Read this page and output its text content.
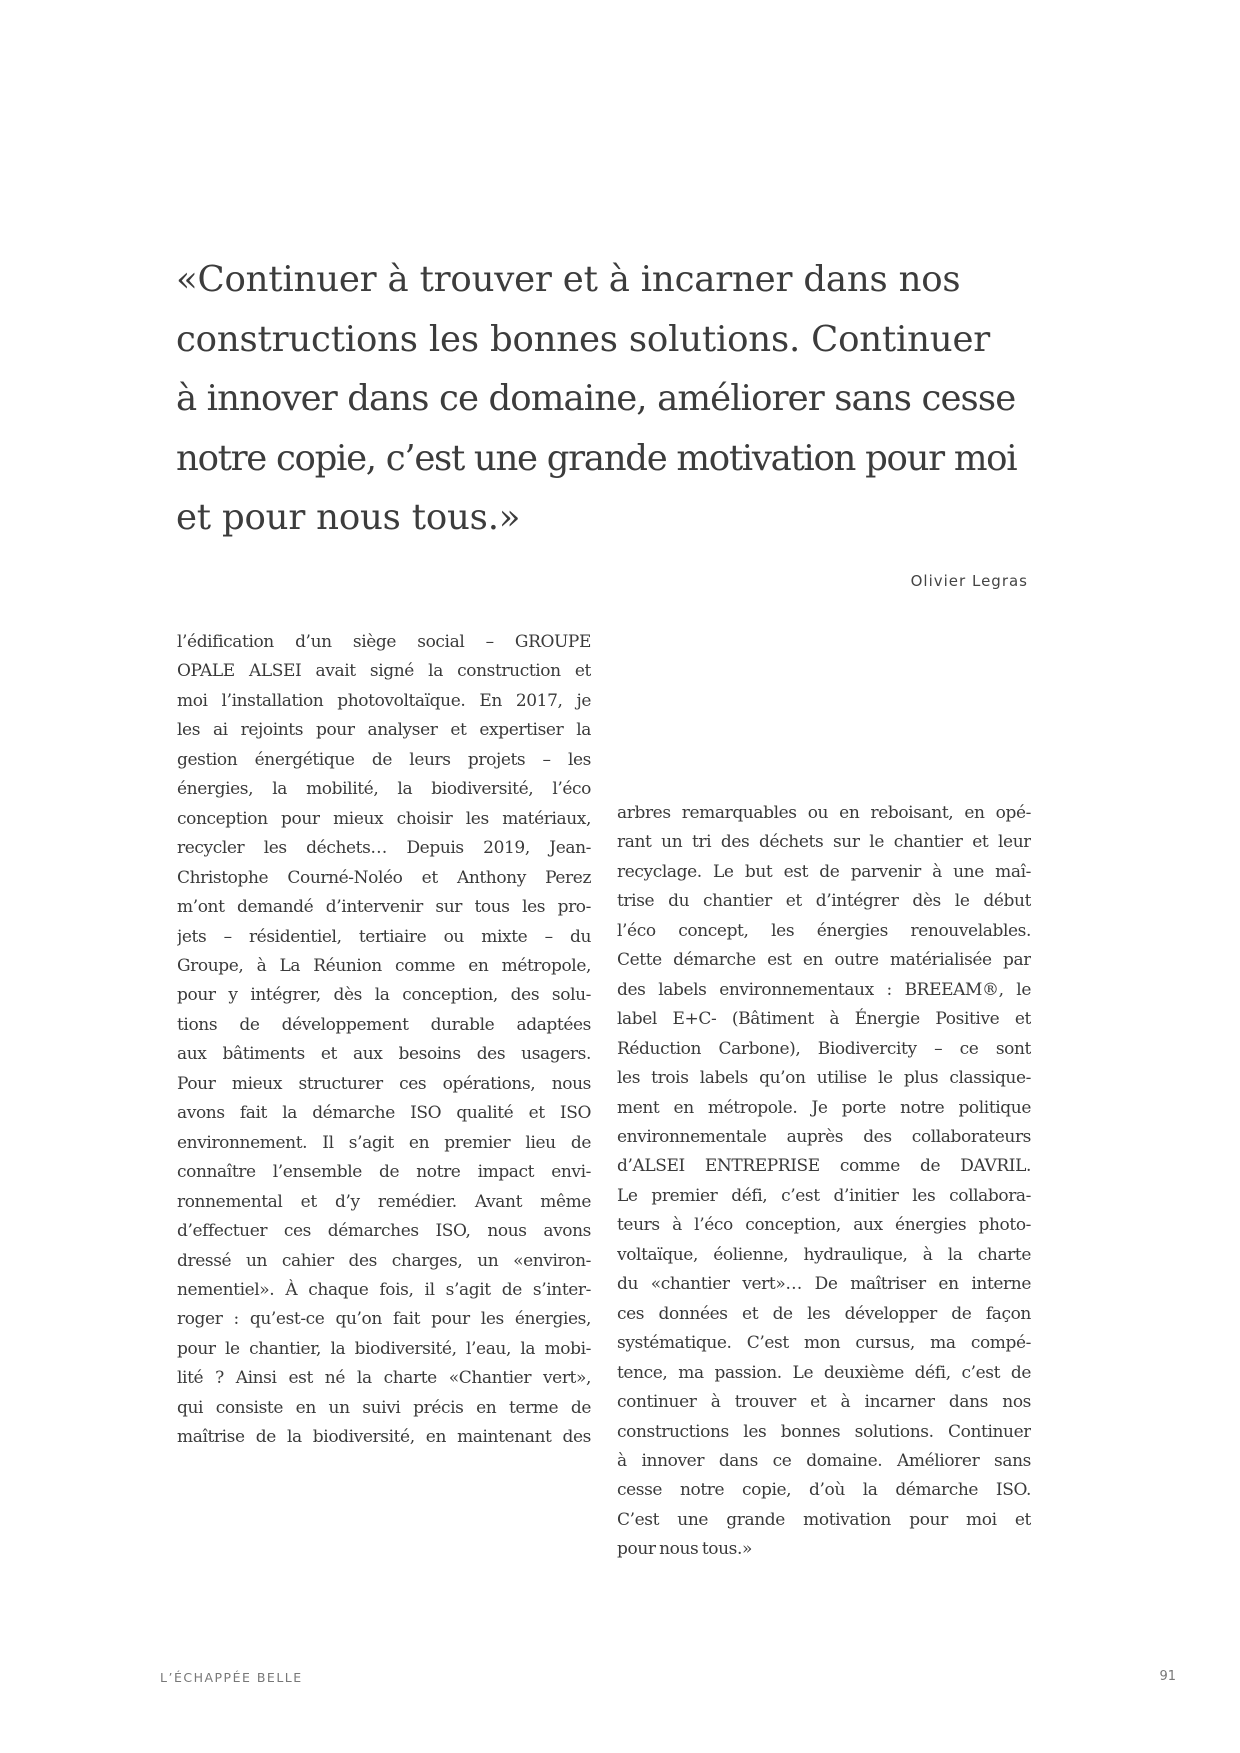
«Continuer à trouver et à incarner dans nos
constructions les bonnes solutions. Continuer
à innover dans ce domaine, améliorer sans cesse
notre copie, c’est une grande motivation pour moi
et pour nous tous.»
Olivier Legras
l’édification d’un siège social – GROUPE
OPALE ALSEI avait signé la construction et
moi l’installation photovoltaïque. En 2017, je
les ai rejoints pour analyser et expertiser la
gestion énergétique de leurs projets – les
énergies, la mobilité, la biodiversité, l’éco
conception pour mieux choisir les matériaux,
recycler les déchets… Depuis 2019, Jean-
Christophe Courné-Noléo et Anthony Perez
m’ont demandé d’intervenir sur tous les pro-
jets – résidentiel, tertiaire ou mixte – du
Groupe, à La Réunion comme en métropole,
pour y intégrer, dès la conception, des solu-
tions de développement durable adaptées
aux bâtiments et aux besoins des usagers.
Pour mieux structurer ces opérations, nous
avons fait la démarche ISO qualité et ISO
environnement. Il s’agit en premier lieu de
connaître l’ensemble de notre impact envi-
ronnemental et d’y remédier. Avant même
d’effectuer ces démarches ISO, nous avons
dressé un cahier des charges, un «environ-
nementiel». À chaque fois, il s’agit de s’inter-
roger : qu’est-ce qu’on fait pour les énergies,
pour le chantier, la biodiversité, l’eau, la mobi-
lité ? Ainsi est né la charte «Chantier vert»,
qui consiste en un suivi précis en terme de
maîtrise de la biodiversité, en maintenant des
arbres remarquables ou en reboisant, en opé-
rant un tri des déchets sur le chantier et leur
recyclage. Le but est de parvenir à une maî-
trise du chantier et d’intégrer dès le début
l’éco concept, les énergies renouvelables.
Cette démarche est en outre matérialisée par
des labels environnementaux : BREEAM®, le
label E+C- (Bâtiment à Énergie Positive et
Réduction Carbone), Biodivercity – ce sont
les trois labels qu’on utilise le plus classique-
ment en métropole. Je porte notre politique
environnementale auprès des collaborateurs
d’ALSEI ENTREPRISE comme de DAVRIL.
Le premier défi, c’est d’initier les collabora-
teurs à l’éco conception, aux énergies photo-
voltaïque, éolienne, hydraulique, à la charte
du «chantier vert»… De maîtriser en interne
ces données et de les développer de façon
systématique. C’est mon cursus, ma compé-
tence, ma passion. Le deuxième défi, c’est de
continuer à trouver et à incarner dans nos
constructions les bonnes solutions. Continuer
à innover dans ce domaine. Améliorer sans
cesse notre copie, d’où la démarche ISO.
C’est une grande motivation pour moi et
pour nous tous.»
L’ÉCHAPPÉE BELLE	91
